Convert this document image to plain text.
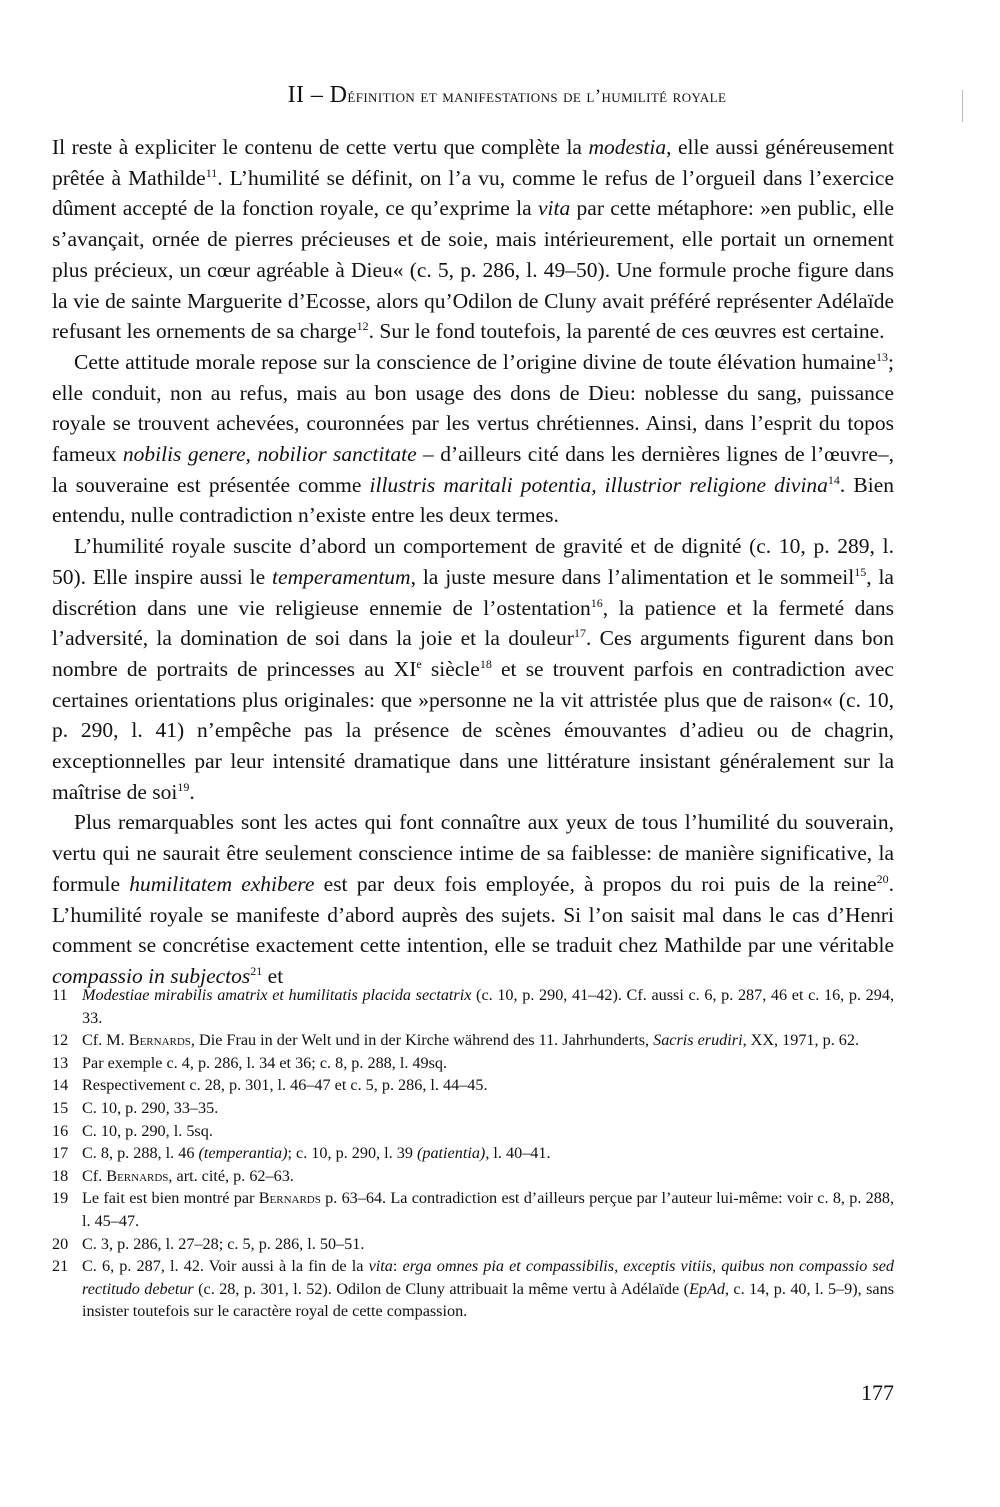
II – Définition et manifestations de l’humilité royale

Il reste à expliciter le contenu de cette vertu que complète la modestia, elle aussi généreusement prêtée à Mathilde$^{11}$. L’humilité se définit, on l’a vu, comme le refus de l’orgueil dans l’exercice dûment accepté de la fonction royale, ce qu’exprime la vita par cette métaphore: »en public, elle s’avançait, ornée de pierres précieuses et de soie, mais intérieurement, elle portait un ornement plus précieux, un cœur agréable à Dieu« (c. 5, p. 286, l. 49–50). Une formule proche figure dans la vie de sainte Marguerite d’Ecosse, alors qu’Odilon de Cluny avait préféré représenter Adélaïde refusant les ornements de sa charge$^{12}$. Sur le fond toutefois, la parenté de ces œuvres est certaine.

Cette attitude morale repose sur la conscience de l’origine divine de toute élévation humaine$^{13}$; elle conduit, non au refus, mais au bon usage des dons de Dieu: noblesse du sang, puissance royale se trouvent achevées, couronnées par les vertus chrétiennes. Ainsi, dans l’esprit du topos fameux nobilis genere, nobilior sanctitate – d’ailleurs cité dans les dernières lignes de l’œuvre–, la souveraine est présentée comme illustris maritali potentia, illustrior religione divina$^{14}$. Bien entendu, nulle contradiction n’existe entre les deux termes.

L’humilité royale suscite d’abord un comportement de gravité et de dignité (c. 10, p. 289, l. 50). Elle inspire aussi le temperamentum, la juste mesure dans l’alimentation et le sommeil$^{15}$, la discrétion dans une vie religieuse ennemie de l’ostentation$^{16}$, la patience et la fermeté dans l’adversité, la domination de soi dans la joie et la douleur$^{17}$. Ces arguments figurent dans bon nombre de portraits de princesses au XIe siècle$^{18}$ et se trouvent parfois en contradiction avec certaines orientations plus originales: que »personne ne la vit attristée plus que de raison« (c. 10, p. 290, l. 41) n’empêche pas la présence de scènes émouvantes d’adieu ou de chagrin, exceptionnelles par leur intensité dramatique dans une littérature insistant généralement sur la maîtrise de soi$^{19}$.

Plus remarquables sont les actes qui font connaître aux yeux de tous l’humilité du souverain, vertu qui ne saurait être seulement conscience intime de sa faiblesse: de manière significative, la formule humilitatem exhibere est par deux fois employée, à propos du roi puis de la reine$^{20}$. L’humilité royale se manifeste d’abord auprès des sujets. Si l’on saisit mal dans le cas d’Henri comment se concrétise exactement cette intention, elle se traduit chez Mathilde par une véritable compassio in subjectos$^{21}$ et

11 Modestiae mirabilis amatrix et humilitatis placida sectatrix (c. 10, p. 290, 41–42). Cf. aussi c. 6, p. 287, 46 et c. 16, p. 294, 33.

12 Cf. M. Bernards, Die Frau in der Welt und in der Kirche während des 11. Jahrhunderts, Sacris erudiri, XX, 1971, p. 62.

13 Par exemple c. 4, p. 286, l. 34 et 36; c. 8, p. 288, l. 49sq.

14 Respectivement c. 28, p. 301, l. 46–47 et c. 5, p. 286, l. 44–45.

15 C. 10, p. 290, 33–35.

16 C. 10, p. 290, l. 5sq.

17 C. 8, p. 288, l. 46 (temperantia); c. 10, p. 290, l. 39 (patientia), l. 40–41.

18 Cf. Bernards, art. cité, p. 62–63.

19 Le fait est bien montré par Bernards p. 63–64. La contradiction est d’ailleurs perçue par l’auteur lui-même: voir c. 8, p. 288, l. 45–47.

20 C. 3, p. 286, l. 27–28; c. 5, p. 286, l. 50–51.

21 C. 6, p. 287, l. 42. Voir aussi à la fin de la vita: erga omnes pia et compassibilis, exceptis vitiis, quibus non compassio sed rectitudo debetur (c. 28, p. 301, l. 52). Odilon de Cluny attribuait la même vertu à Adélaïde (EpAd, c. 14, p. 40, l. 5–9), sans insister toutefois sur le caractère royal de cette compassion.

177
